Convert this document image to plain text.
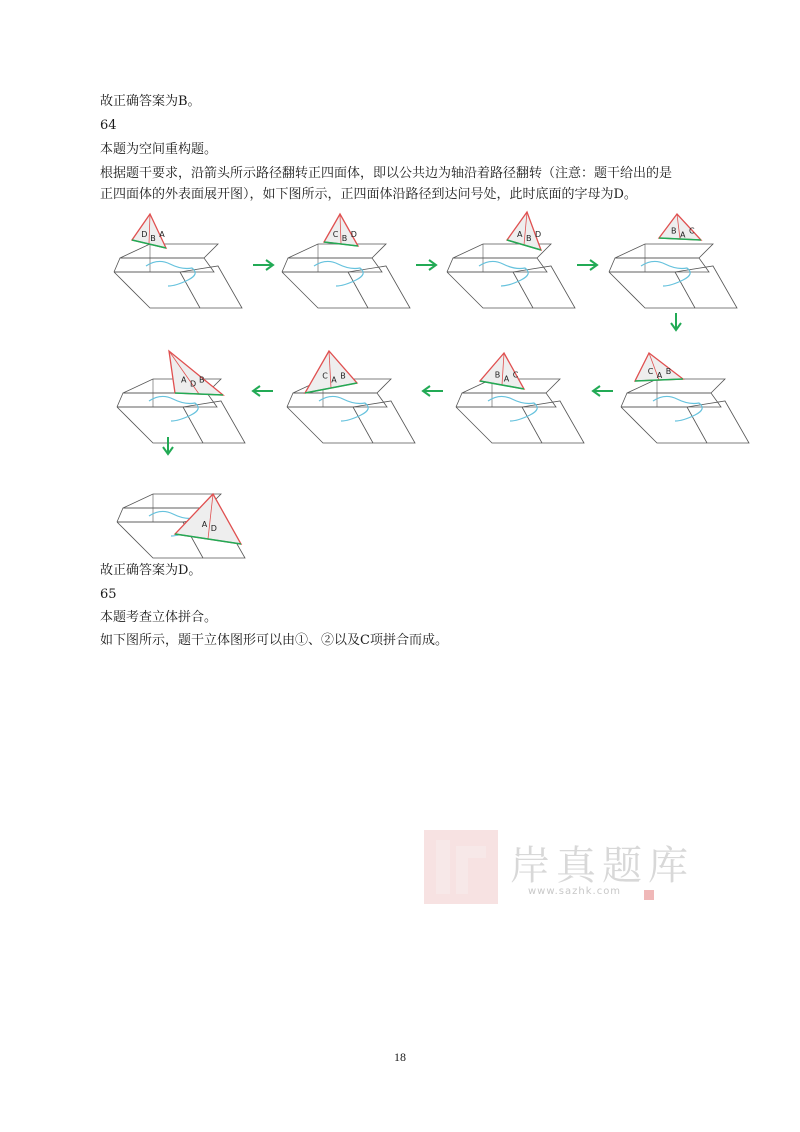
故正确答案为B。
64
本题为空间重构题。
根据题干要求，沿箭头所示路径翻转正四面体，即以公共边为轴沿着路径翻转（注意：题干给出的是
正四面体的外表面展开图），如下图所示，正四面体沿路径到达问号处，此时底面的字母为D。
D B A	C B D	A B D	B A C
C A B
B A C
C A B
A D B
A D
故正确答案为D。
65
本题考查立体拼合。
如下图所示，题干立体图形可以由①、②以及C项拼合而成。
岸真题库
www.sazhk.com
18
